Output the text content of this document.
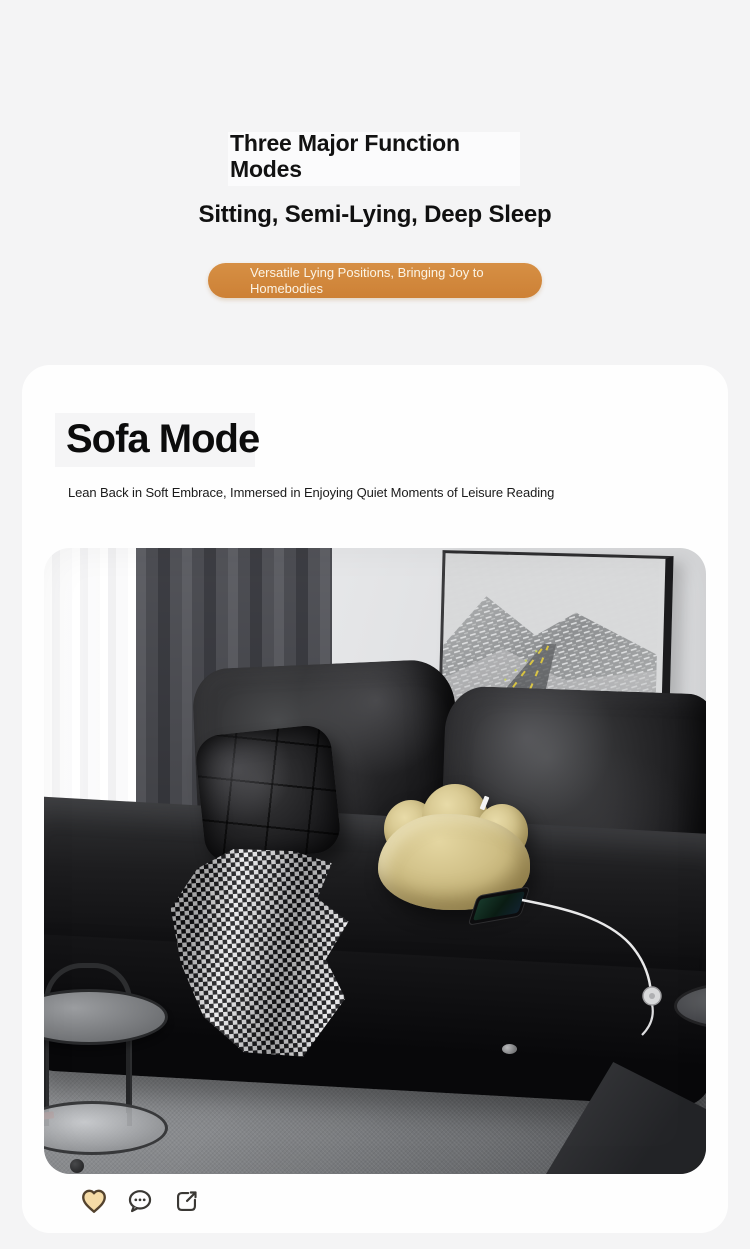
Three Major Function Modes
Sitting, Semi-Lying, Deep Sleep
Versatile Lying Positions, Bringing Joy to Homebodies
Sofa Mode

Lean Back in Soft Embrace, Immersed in Enjoying Quiet Moments of Leisure Reading
